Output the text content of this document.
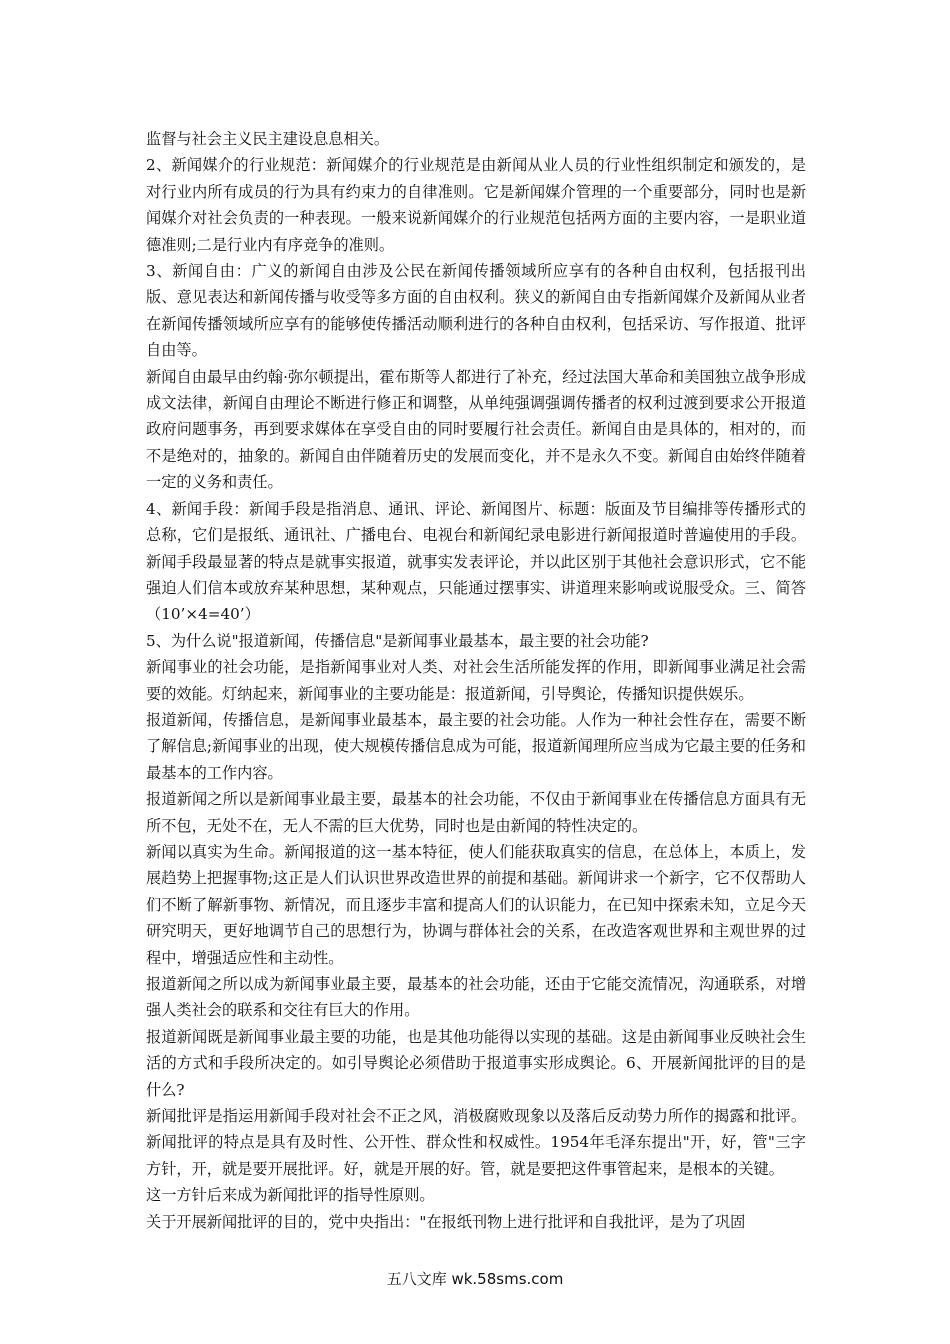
监督与社会主义民主建设息息相关。

2、新闻媒介的行业规范：新闻媒介的行业规范是由新闻从业人员的行业性组织制定和颁发的，是对行业内所有成员的行为具有约束力的自律准则。它是新闻媒介管理的一个重要部分，同时也是新闻媒介对社会负责的一种表现。一般来说新闻媒介的行业规范包括两方面的主要内容，一是职业道德准则;二是行业内有序竞争的准则。

3、新闻自由：广义的新闻自由涉及公民在新闻传播领域所应享有的各种自由权利，包括报刊出版、意见表达和新闻传播与收受等多方面的自由权利。狭义的新闻自由专指新闻媒介及新闻从业者在新闻传播领域所应享有的能够使传播活动顺利进行的各种自由权利，包括采访、写作报道、批评自由等。

新闻自由最早由约翰·弥尔顿提出，霍布斯等人都进行了补充，经过法国大革命和美国独立战争形成成文法律，新闻自由理论不断进行修正和调整，从单纯强调强调传播者的权利过渡到要求公开报道政府问题事务，再到要求媒体在享受自由的同时要履行社会责任。新闻自由是具体的，相对的，而不是绝对的，抽象的。新闻自由伴随着历史的发展而变化，并不是永久不变。新闻自由始终伴随着一定的义务和责任。

4、新闻手段：新闻手段是指消息、通讯、评论、新闻图片、标题：版面及节目编排等传播形式的总称，它们是报纸、通讯社、广播电台、电视台和新闻纪录电影进行新闻报道时普遍使用的手段。新闻手段最显著的特点是就事实报道，就事实发表评论，并以此区别于其他社会意识形式，它不能强迫人们信本或放弃某种思想，某种观点，只能通过摆事实、讲道理来影响或说服受众。三、简答（10’×4=40’）

5、为什么说"报道新闻，传播信息"是新闻事业最基本，最主要的社会功能?

新闻事业的社会功能，是指新闻事业对人类、对社会生活所能发挥的作用，即新闻事业满足社会需要的效能。灯纳起来，新闻事业的主要功能是：报道新闻，引导舆论，传播知识提供娱乐。

报道新闻，传播信息，是新闻事业最基本，最主要的社会功能。人作为一种社会性存在，需要不断了解信息;新闻事业的出现，使大规模传播信息成为可能，报道新闻理所应当成为它最主要的任务和最基本的工作内容。

报道新闻之所以是新闻事业最主要，最基本的社会功能，不仅由于新闻事业在传播信息方面具有无所不包，无处不在，无人不需的巨大优势，同时也是由新闻的特性决定的。

新闻以真实为生命。新闻报道的这一基本特征，使人们能获取真实的信息，在总体上，本质上，发展趋势上把握事物;这正是人们认识世界改造世界的前提和基础。新闻讲求一个新字，它不仅帮助人们不断了解新事物、新情况，而且逐步丰富和提高人们的认识能力，在已知中探索未知，立足今天研究明天，更好地调节自己的思想行为，协调与群体社会的关系，在改造客观世界和主观世界的过程中，增强适应性和主动性。

报道新闻之所以成为新闻事业最主要，最基本的社会功能，还由于它能交流情况，沟通联系，对增强人类社会的联系和交往有巨大的作用。

报道新闻既是新闻事业最主要的功能，也是其他功能得以实现的基础。这是由新闻事业反映社会生活的方式和手段所决定的。如引导舆论必须借助于报道事实形成舆论。6、开展新闻批评的目的是什么?

新闻批评是指运用新闻手段对社会不正之风，消极腐败现象以及落后反动势力所作的揭露和批评。新闻批评的特点是具有及时性、公开性、群众性和权威性。1954年毛泽东提出"开，好，管"三字方针，开，就是要开展批评。好，就是开展的好。管，就是要把这件事管起来，是根本的关键。

这一方针后来成为新闻批评的指导性原则。

关于开展新闻批评的目的，党中央指出："在报纸刊物上进行批评和自我批评，是为了巩固

五八文库 wk.58sms.com
